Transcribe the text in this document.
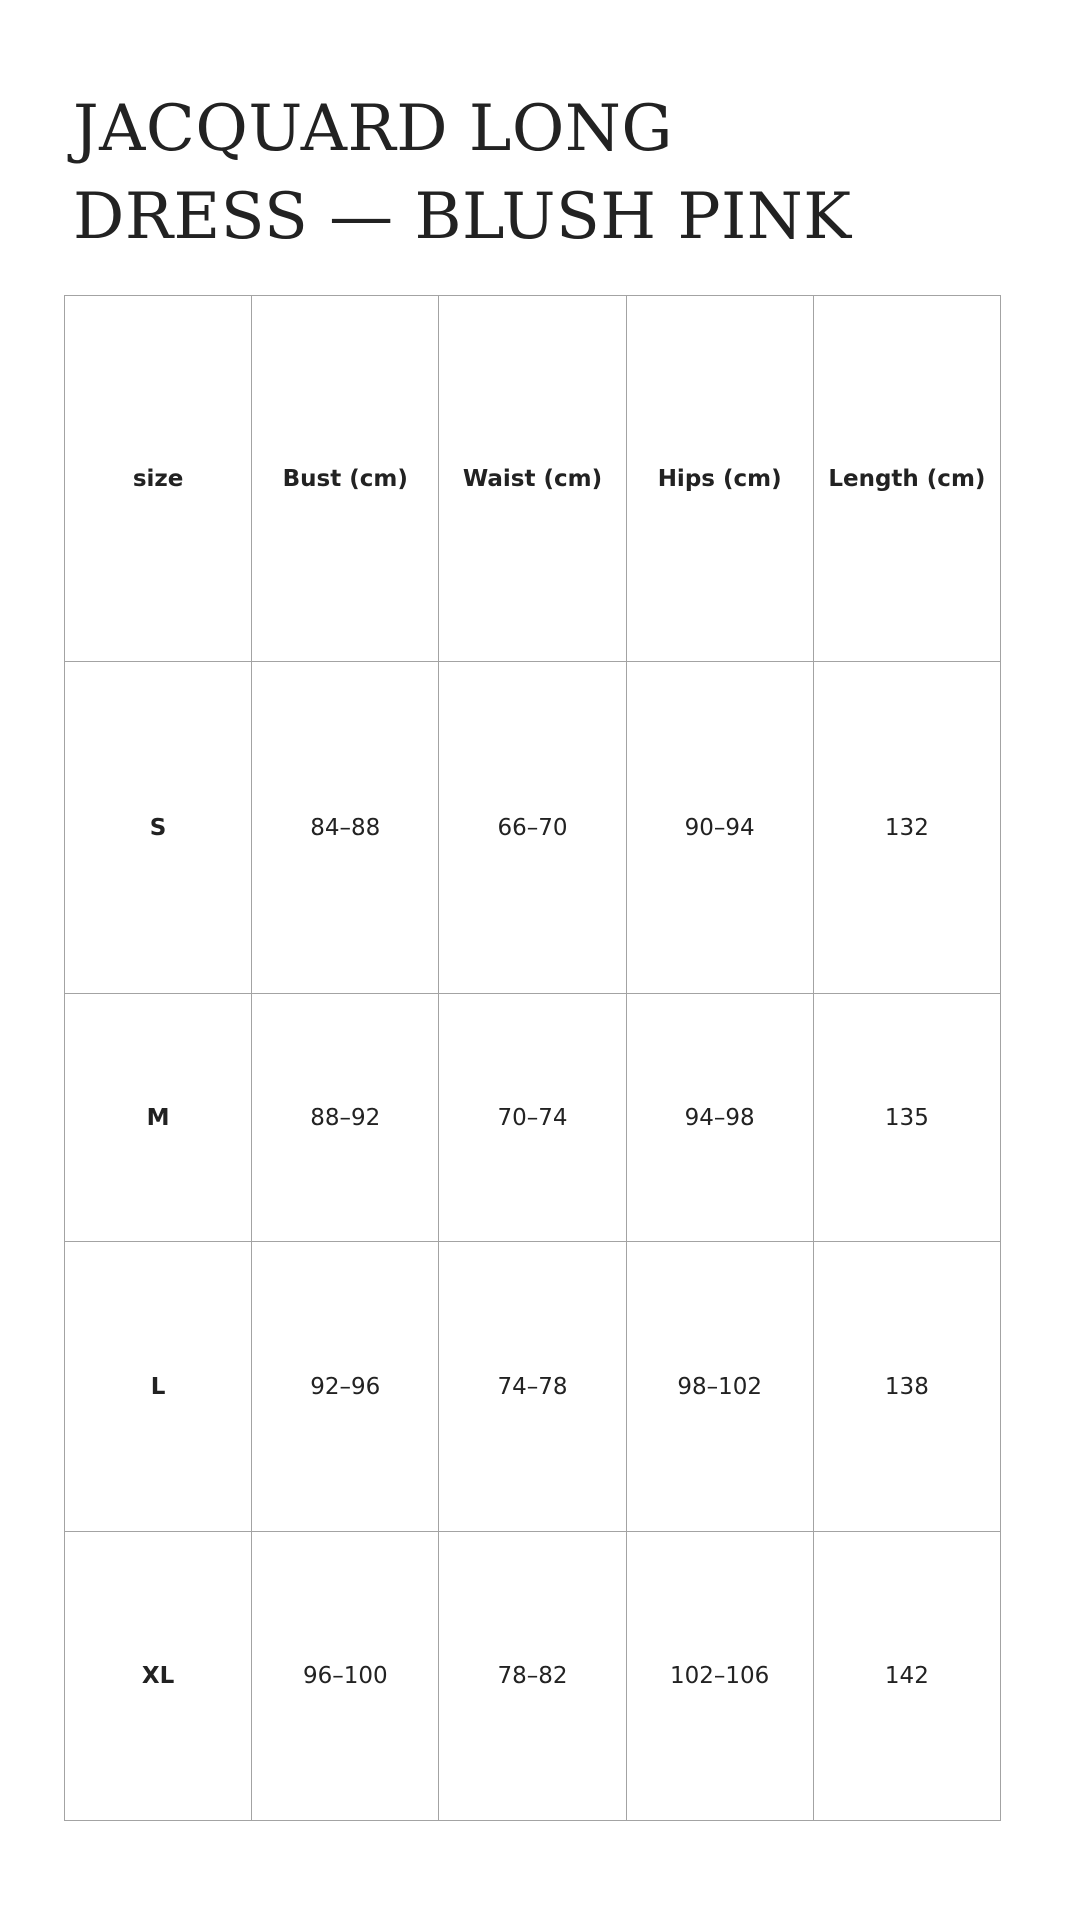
JACQUARD LONG
DRESS — BLUSH PINK
size	Bust (cm)	Waist (cm)	Hips (cm)	Length (cm)
S	84–88	66–70	90–94	132
M	88–92	70–74	94–98	135
L	92–96	74–78	98–102	138
XL	96–100	78–82	102–106	142
